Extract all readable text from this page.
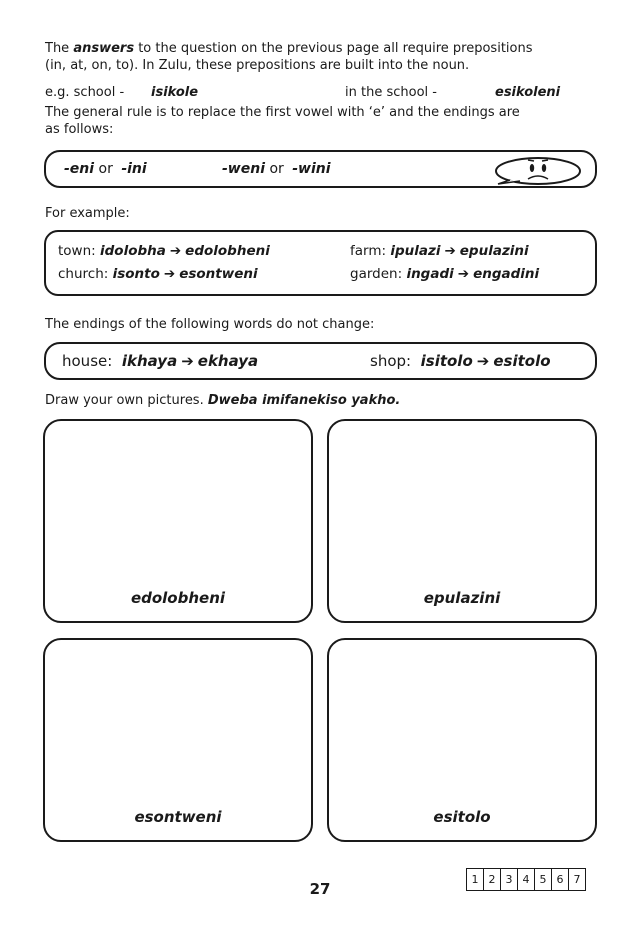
The answers to the question on the previous page all require prepositions
(in, at, on, to). In Zulu, these prepositions are built into the noun.
e.g. school - isikole	in the school -	esikoleni
The general rule is to replace the first vowel with ‘e’ and the endings are
as follows:
-eni or -ini	-weni or -wini
For example:
town: idolobha ➔ edolobheni	farm: ipulazi ➔ epulazini
church: isonto ➔ esontweni	garden: ingadi ➔ engadini
The endings of the following words do not change:
house:  ikhaya ➔ ekhaya	shop:  isitolo ➔ esitolo
Draw your own pictures. Dweba imifanekiso yakho.
edolobheni	epulazini
esontweni	esitolo
27
1 2 3 4 5 6 7
